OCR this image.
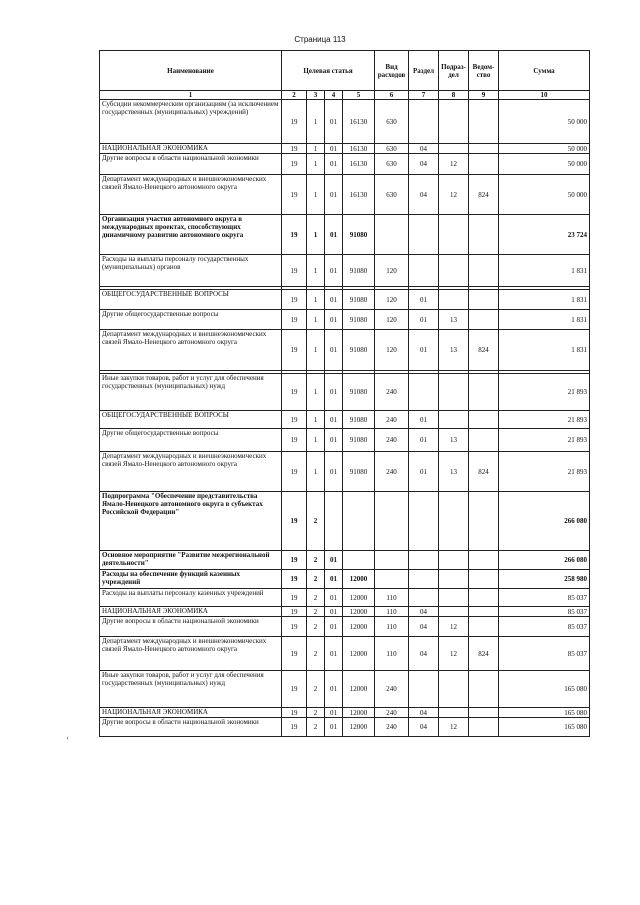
Страница 113
Наименование	Целевая статья				Вид расходов	Раздел	Подраз-дел	Ведом-ство	Сумма
1	2	3	4	5	6	7	8	9	10
Субсидии некоммерческим организациям (за исключением государственных (муниципальных) учреждений)	19	1	01	16130	630				50 000
НАЦИОНАЛЬНАЯ ЭКОНОМИКА	19	1	01	16130	630	04			50 000
Другие вопросы в области национальной экономики	19	1	01	16130	630	04	12		50 000
Департамент международных и внешнеэкономических связей Ямало-Ненецкого автономного округа	19	1	01	16130	630	04	12	824	50 000
Организация участия автономного округа в международных проектах, способствующих динамичному развитию автономного округа	19	1	01	91080					23 724
Расходы на выплаты персоналу государственных (муниципальных) органов	19	1	01	91080	120				1 831

ОБЩЕГОСУДАРСТВЕННЫЕ ВОПРОСЫ	19	1	01	91080	120	01			1 831
Другие общегосударственные вопросы	19	1	01	91080	120	01	13		1 831
Департамент международных и внешнеэкономических связей Ямало-Ненецкого автономного округа	19	1	01	91080	120	01	13	824	1 831

Иные закупки товаров, работ и услуг для обеспечения государственных (муниципальных) нужд	19	1	01	91080	240				21 893
ОБЩЕГОСУДАРСТВЕННЫЕ ВОПРОСЫ	19	1	01	91080	240	01			21 893
Другие общегосударственные вопросы	19	1	01	91080	240	01	13		21 893
Департамент международных и внешнеэкономических связей Ямало-Ненецкого автономного округа	19	1	01	91080	240	01	13	824	21 893
Подпрограмма "Обеспечение представительства Ямало-Ненецкого автономного округа в субъектах Российской Федерации"	19	2							266 080
Основное мероприятие "Развитие межрегиональной деятельности"	19	2	01						266 080
Расходы на обеспечение функций казенных учреждений	19	2	01	12000					258 980
Расходы на выплаты персоналу казенных учреждений	19	2	01	12000	110				85 037
НАЦИОНАЛЬНАЯ ЭКОНОМИКА	19	2	01	12000	110	04			85 037
Другие вопросы в области национальной экономики	19	2	01	12000	110	04	12		85 037
Департамент международных и внешнеэкономических связей Ямало-Ненецкого автономного округа	19	2	01	12000	110	04	12	824	85 037
Иные закупки товаров, работ и услуг для обеспечения государственных (муниципальных) нужд	19	2	01	12000	240				165 080
НАЦИОНАЛЬНАЯ ЭКОНОМИКА	19	2	01	12000	240	04			165 080
Другие вопросы в области национальной экономики	19	2	01	12000	240	04	12		165 080
‘
